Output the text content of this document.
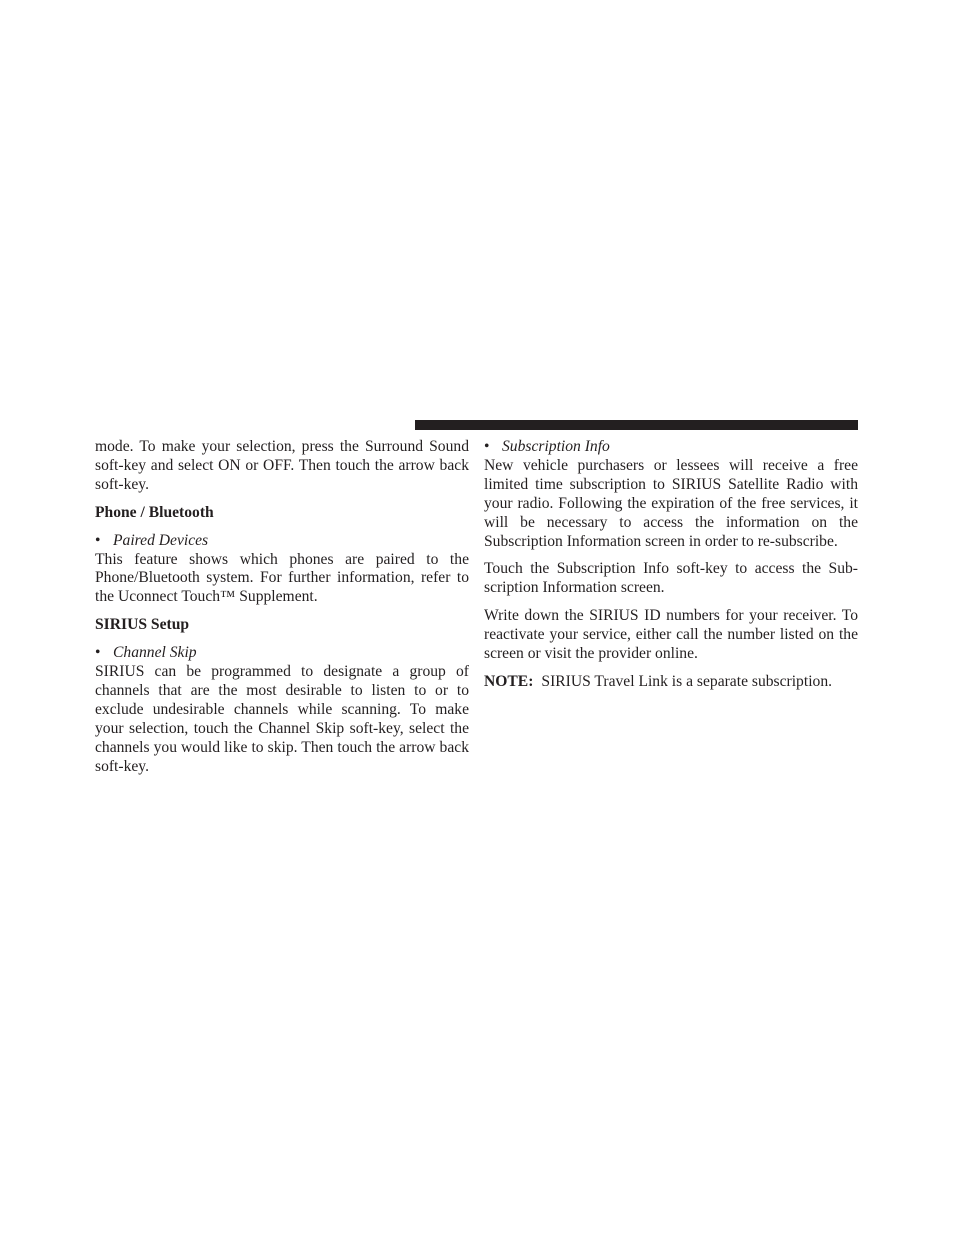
mode. To make your selection, press the Surround Sound soft-key and select ON or OFF. Then touch the arrow back soft-key.

Phone / Bluetooth
• Paired Devices

This feature shows which phones are paired to the Phone/Bluetooth system. For further information, refer to the Uconnect Touch™ Supplement.

SIRIUS Setup
• Channel Skip

SIRIUS can be programmed to designate a group of channels that are the most desirable to listen to or to exclude undesirable channels while scanning. To make your selection, touch the Channel Skip soft-key, select the channels you would like to skip. Then touch the arrow back soft-key.

• Subscription Info

New vehicle purchasers or lessees will receive a free limited time subscription to SIRIUS Satellite Radio with your radio. Following the expiration of the free services, it will be necessary to access the information on the Subscription Information screen in order to re-subscribe.

Touch the Subscription Info soft-key to access the Sub-scription Information screen.

Write down the SIRIUS ID numbers for your receiver. To reactivate your service, either call the number listed on the screen or visit the provider online.

NOTE: SIRIUS Travel Link is a separate subscription.
